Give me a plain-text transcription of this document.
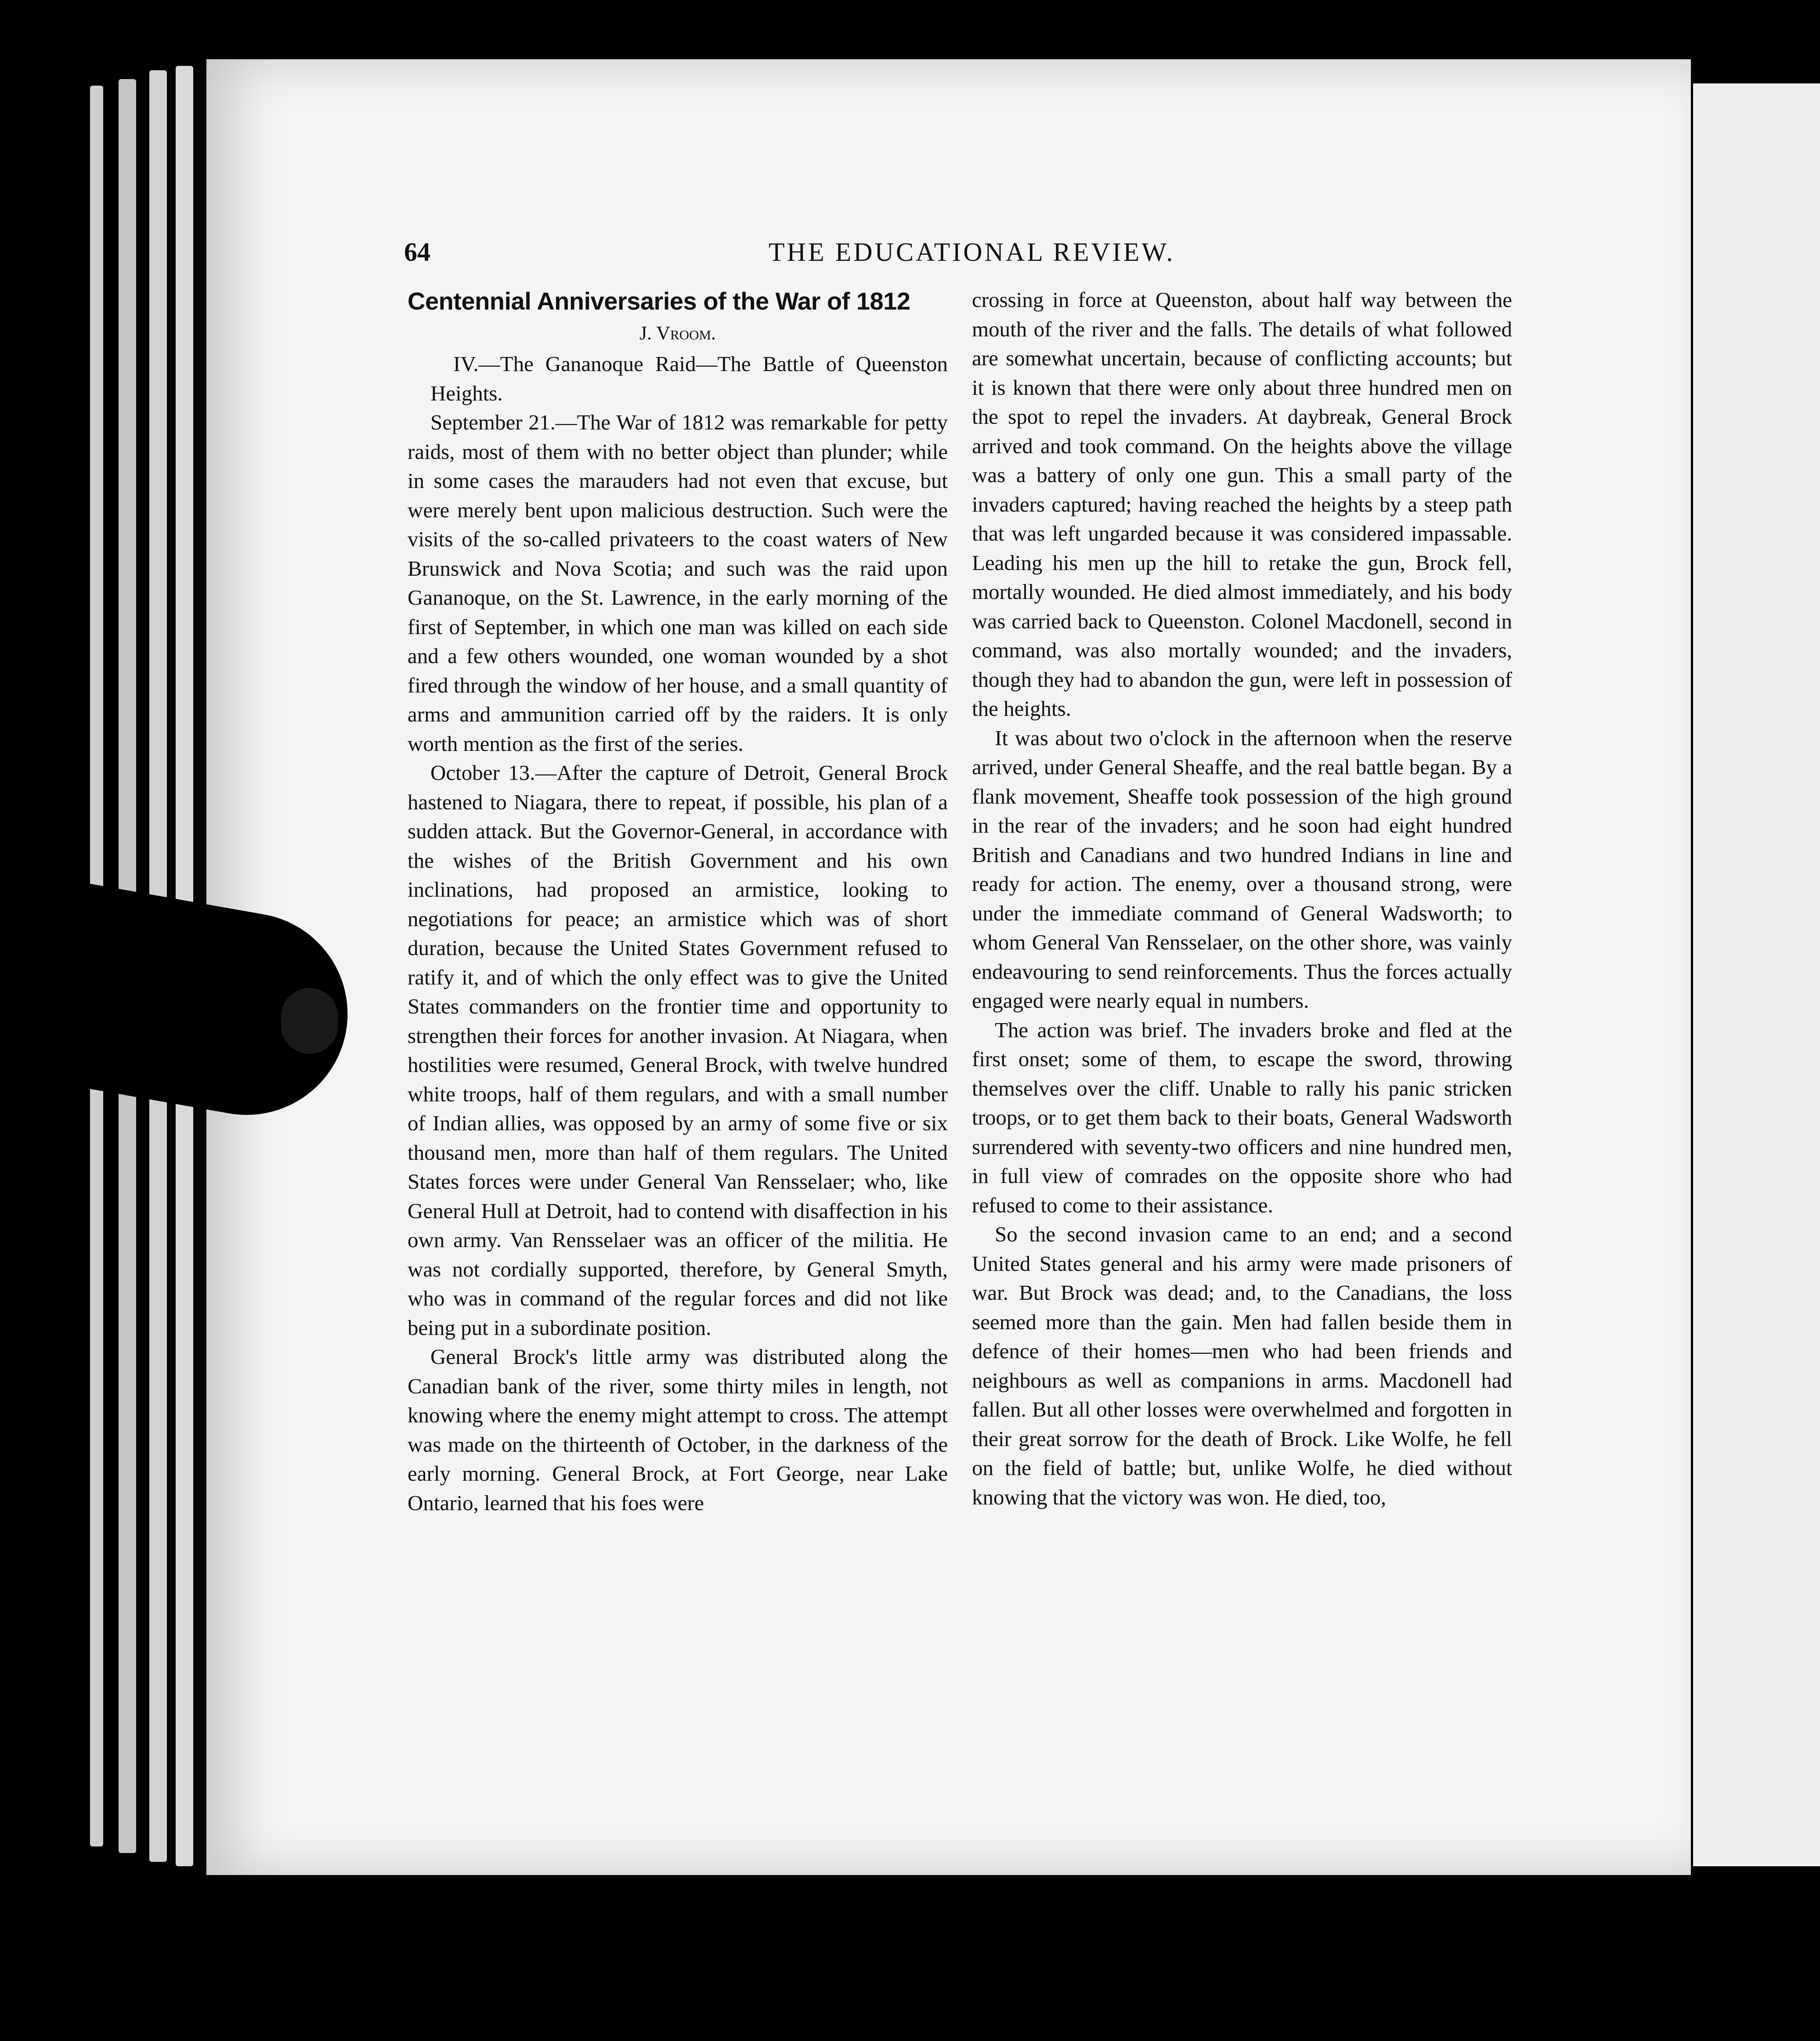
64	THE EDUCATIONAL REVIEW.
Centennial Anniversaries of the War of 1812
J. Vroom.

IV.—The Gananoque Raid—The Battle of Queenston Heights.

September 21.—The War of 1812 was remarkable for petty raids, most of them with no better object than plunder; while in some cases the marauders had not even that excuse, but were merely bent upon malicious destruction. Such were the visits of the so-called privateers to the coast waters of New Brunswick and Nova Scotia; and such was the raid upon Gananoque, on the St. Lawrence, in the early morning of the first of September, in which one man was killed on each side and a few others wounded, one woman wounded by a shot fired through the window of her house, and a small quantity of arms and ammunition carried off by the raiders. It is only worth mention as the first of the series.

October 13.—After the capture of Detroit, General Brock hastened to Niagara, there to repeat, if possible, his plan of a sudden attack. But the Governor-General, in accordance with the wishes of the British Government and his own inclinations, had proposed an armistice, looking to negotiations for peace; an armistice which was of short duration, because the United States Government refused to ratify it, and of which the only effect was to give the United States commanders on the frontier time and opportunity to strengthen their forces for another invasion. At Niagara, when hostilities were resumed, General Brock, with twelve hundred white troops, half of them regulars, and with a small number of Indian allies, was opposed by an army of some five or six thousand men, more than half of them regulars. The United States forces were under General Van Rensselaer; who, like General Hull at Detroit, had to contend with disaffection in his own army. Van Rensselaer was an officer of the militia. He was not cordially supported, therefore, by General Smyth, who was in command of the regular forces and did not like being put in a subordinate position.

General Brock's little army was distributed along the Canadian bank of the river, some thirty miles in length, not knowing where the enemy might attempt to cross. The attempt was made on the thirteenth of October, in the darkness of the early morning. General Brock, at Fort George, near Lake Ontario, learned that his foes were

crossing in force at Queenston, about half way between the mouth of the river and the falls. The details of what followed are somewhat uncertain, because of conflicting accounts; but it is known that there were only about three hundred men on the spot to repel the invaders. At daybreak, General Brock arrived and took command. On the heights above the village was a battery of only one gun. This a small party of the invaders captured; having reached the heights by a steep path that was left ungarded because it was considered impassable. Leading his men up the hill to retake the gun, Brock fell, mortally wounded. He died almost immediately, and his body was carried back to Queenston. Colonel Macdonell, second in command, was also mortally wounded; and the invaders, though they had to abandon the gun, were left in possession of the heights.

It was about two o'clock in the afternoon when the reserve arrived, under General Sheaffe, and the real battle began. By a flank movement, Sheaffe took possession of the high ground in the rear of the invaders; and he soon had eight hundred British and Canadians and two hundred Indians in line and ready for action. The enemy, over a thousand strong, were under the immediate command of General Wadsworth; to whom General Van Rensselaer, on the other shore, was vainly endeavouring to send reinforcements. Thus the forces actually engaged were nearly equal in numbers.

The action was brief. The invaders broke and fled at the first onset; some of them, to escape the sword, throwing themselves over the cliff. Unable to rally his panic stricken troops, or to get them back to their boats, General Wadsworth surrendered with seventy-two officers and nine hundred men, in full view of comrades on the opposite shore who had refused to come to their assistance.

So the second invasion came to an end; and a second United States general and his army were made prisoners of war. But Brock was dead; and, to the Canadians, the loss seemed more than the gain. Men had fallen beside them in defence of their homes—men who had been friends and neighbours as well as companions in arms. Macdonell had fallen. But all other losses were overwhelmed and forgotten in their great sorrow for the death of Brock. Like Wolfe, he fell on the field of battle; but, unlike Wolfe, he died without knowing that the victory was won. He died, too,
